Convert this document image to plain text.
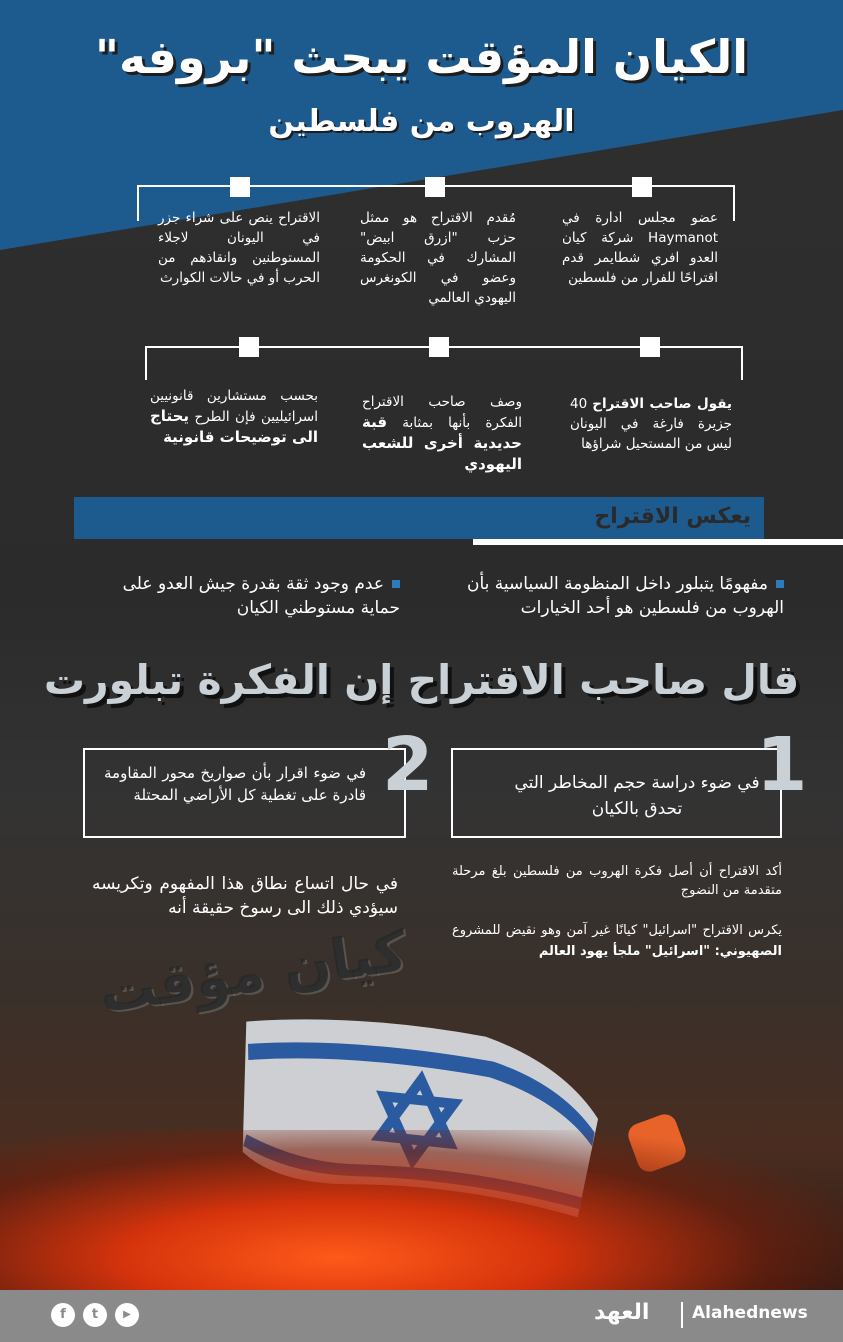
الكيان المؤقت يبحث "بروفه"
الهروب من فلسطين
عضو مجلس ادارة في Haymanot شركة كيان العدو افري شطايمر قدم اقتراحًا للفرار من فلسطين
مُقدم الاقتراح هو ممثل حزب "ازرق ابيض" المشارك في الحكومة وعضو في الكونغرس اليهودي العالمي
الاقتراح ينص على شراء جزر في اليونان لاجلاء المستوطنين وانقاذهم من الحرب أو في حالات الكوارث
يقول صاحب الاقتراح 40 جزيرة فارغة في اليونان ليس من المستحيل شراؤها
وصف صاحب الاقتراح الفكرة بأنها بمثابة قبة حديدية أخرى للشعب اليهودي
بحسب مستشارين قانونيين اسرائيليين فإن الطرح يحتاج الى توضيحات قانونية
يعكس الاقتراح
مفهومًا يتبلور داخل المنظومة السياسية بأن الهروب من فلسطين هو أحد الخيارات
عدم وجود ثقة بقدرة جيش العدو على حماية مستوطني الكيان
قال صاحب الاقتراح إن الفكرة تبلورت
في ضوء دراسة حجم المخاطر التي تحدق بالكيان
1
في ضوء اقرار بأن صواريخ محور المقاومة قادرة على تغطية كل الأراضي المحتلة 2
أكد الاقتراح أن أصل فكرة الهروب من فلسطين بلغ مرحلة متقدمة من النضوج
يكرس الاقتراح "اسرائيل" كيانًا غير آمن وهو نقيض للمشروع الصهيوني: "اسرائيل" ملجأ يهود العالم
في حال اتساع نطاق هذا المفهوم وتكريسه سيؤدي ذلك الى رسوخ حقيقة أنه
كيان مؤقت
f	t	▶	العهد	Alahednews
